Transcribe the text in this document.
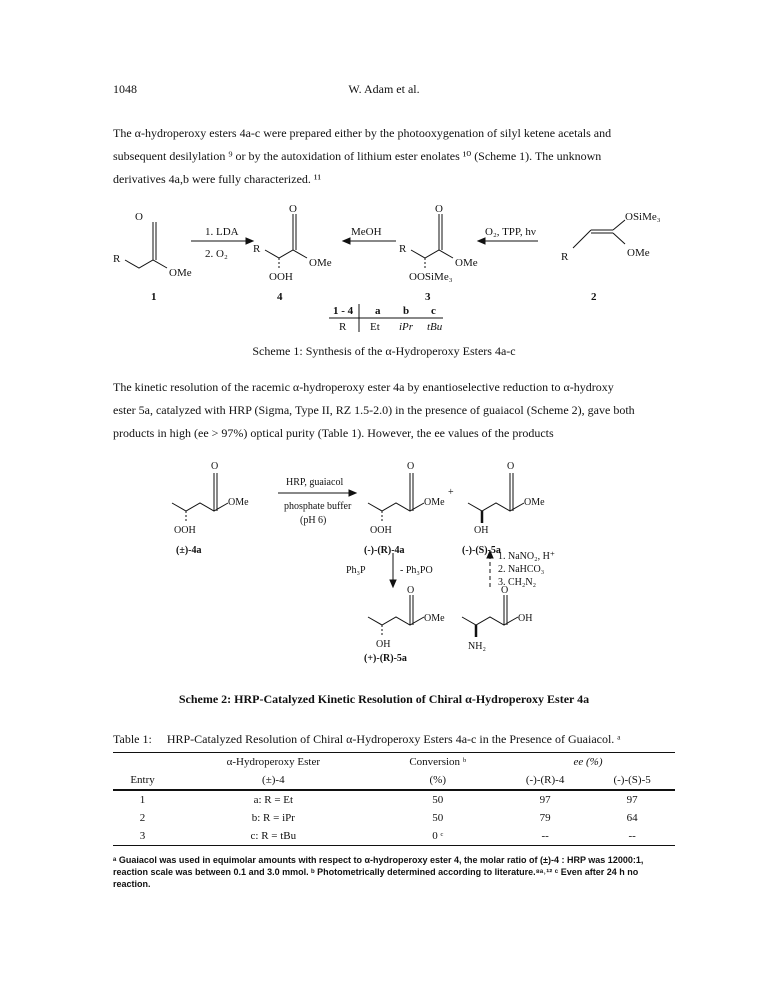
1048	W. Adam et al.
The α-hydroperoxy esters 4a-c were prepared either by the photooxygenation of silyl ketene acetals and
subsequent desilylation ⁹ or by the autoxidation of lithium ester enolates ¹⁰ (Scheme 1). The unknown
derivatives 4a,b were fully characterized. ¹¹
O
R
OMe
1. LDA
2. O₂
O
R
OMe
OOH
MeOH
O
R
OMe
OOSiMe₃
O₂, TPP, hν
OSiMe₃
R	OMe
1	4	3	2
1 - 4 a b c
R Et iPr tBu
Scheme 1: Synthesis of the α-Hydroperoxy Esters 4a-c
The kinetic resolution of the racemic α-hydroperoxy ester 4a by enantioselective reduction to α-hydroxy
ester 5a, catalyzed with HRP (Sigma, Type II, RZ 1.5-2.0) in the presence of guaiacol (Scheme 2), gave both
products in high (ee > 97%) optical purity (Table 1). However, the ee values of the products
O
OMe
OOH
(±)-4a
HRP, guaiacol
phosphate buffer
(pH 6)
O
OMe
OOH
(-)-(R)-4a
+
O
OMe
OH
(-)-(S)-5a
Ph₃P	- Ph₃PO
1. NaNO₂, H⁺
2. NaHCO₃
3. CH₂N₂
O
OMe
OH
(+)-(R)-5a
O
OH
NH₂
Scheme 2: HRP-Catalyzed Kinetic Resolution of Chiral α-Hydroperoxy Ester 4a
Table 1:  HRP-Catalyzed Resolution of Chiral α-Hydroperoxy Esters 4a-c in the Presence of Guaiacol. ᵃ
	α-Hydroperoxy Ester	Conversion ᵇ	ee (%)	
Entry	(±)-4	(%)	(-)-(R)-4	(-)-(S)-5
1	a: R = Et	50	97	97
2	b: R = iPr	50	79	64
3	c: R = tBu	0 ᶜ	--	--
ᵃ Guaiacol was used in equimolar amounts with respect to α-hydroperoxy ester 4, the molar ratio of (±)-4 : HRP was 12000:1, reaction scale was between 0.1 and 3.0 mmol. ᵇ Photometrically determined according to literature.⁸ᵃ˒¹² ᶜ Even after 24 h no reaction.
